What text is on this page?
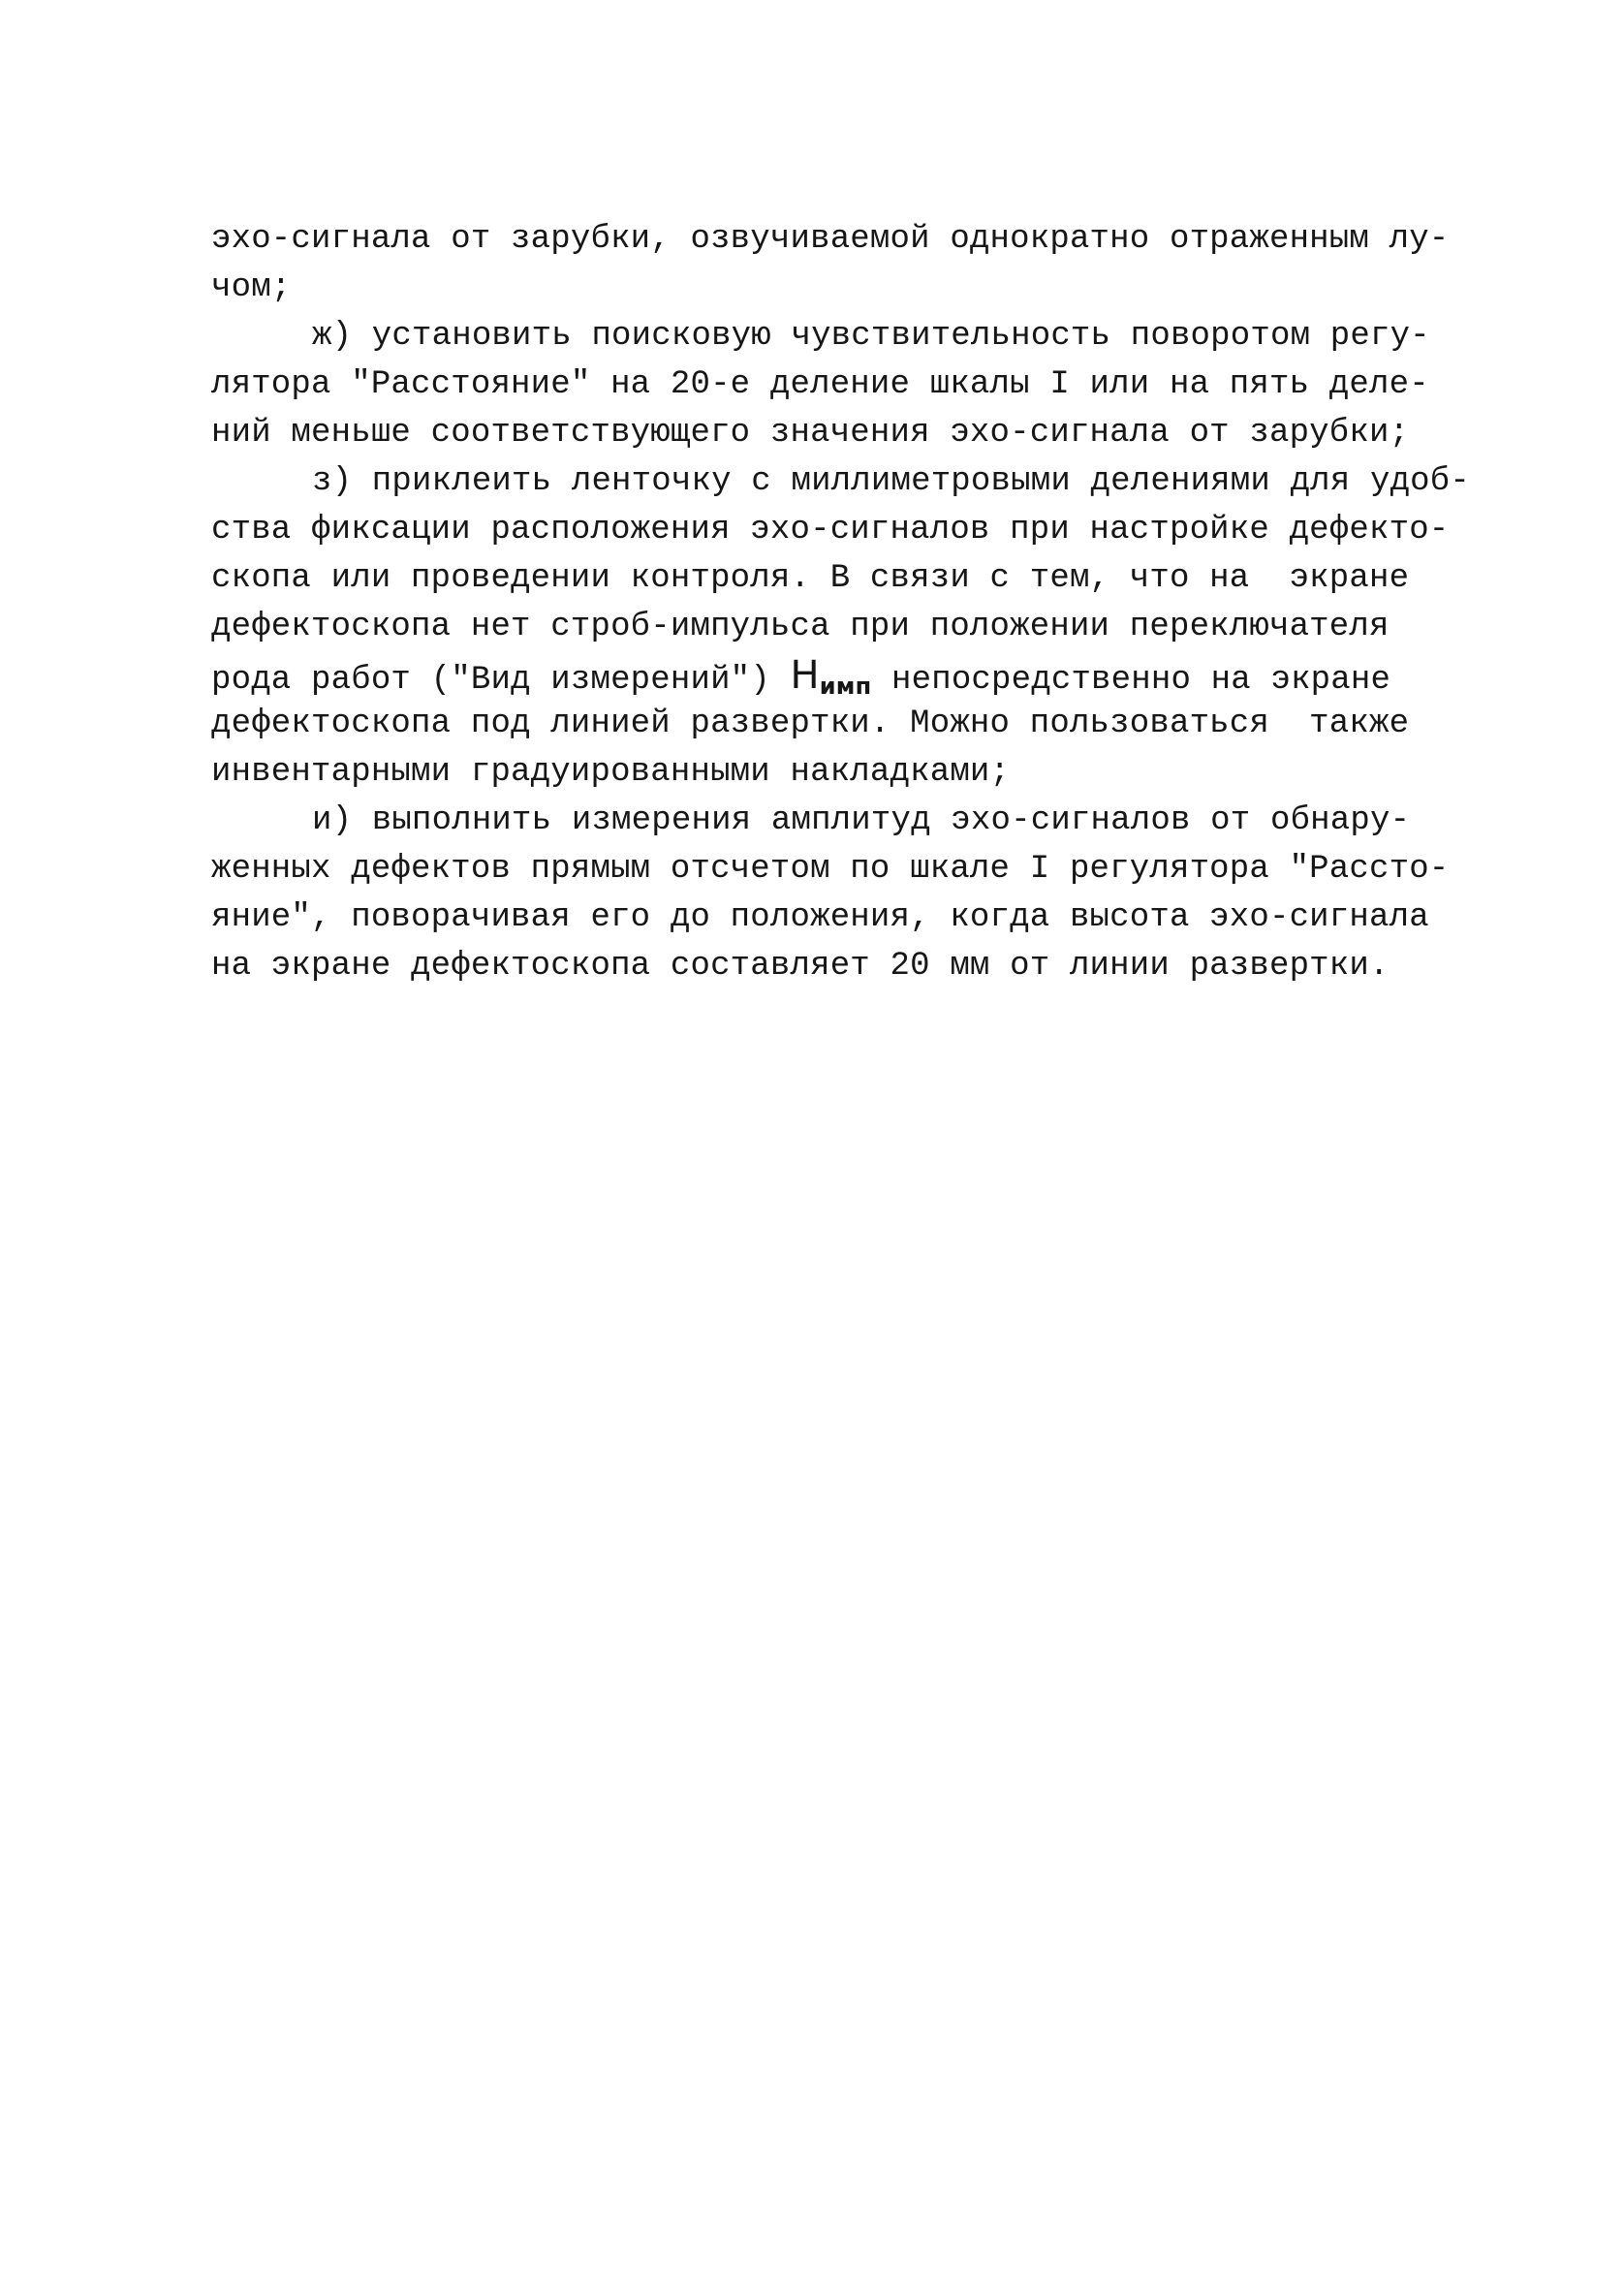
эхо-сигнала от зарубки, озвучиваемой однократно отраженным лу-
чом;
ж) установить поисковую чувствительность поворотом регу-
лятора "Расстояние" на 20-е деление шкалы I или на пять деле-
ний меньше соответствующего значения эхо-сигнала от зарубки;
з) приклеить ленточку с миллиметровыми делениями для удоб-
ства фиксации расположения эхо-сигналов при настройке дефекто-
скопа или проведении контроля. В связи с тем, что на  экране
дефектоскопа нет строб-импульса при положении переключателя
рода работ ("Вид измерений") Hимп непосредственно на экране
дефектоскопа под линией развертки. Можно пользоваться  также
инвентарными градуированными накладками;
и) выполнить измерения амплитуд эхо-сигналов от обнару-
женных дефектов прямым отсчетом по шкале I регулятора "Рассто-
яние", поворачивая его до положения, когда высота эхо-сигнала
на экране дефектоскопа составляет 20 мм от линии развертки.
